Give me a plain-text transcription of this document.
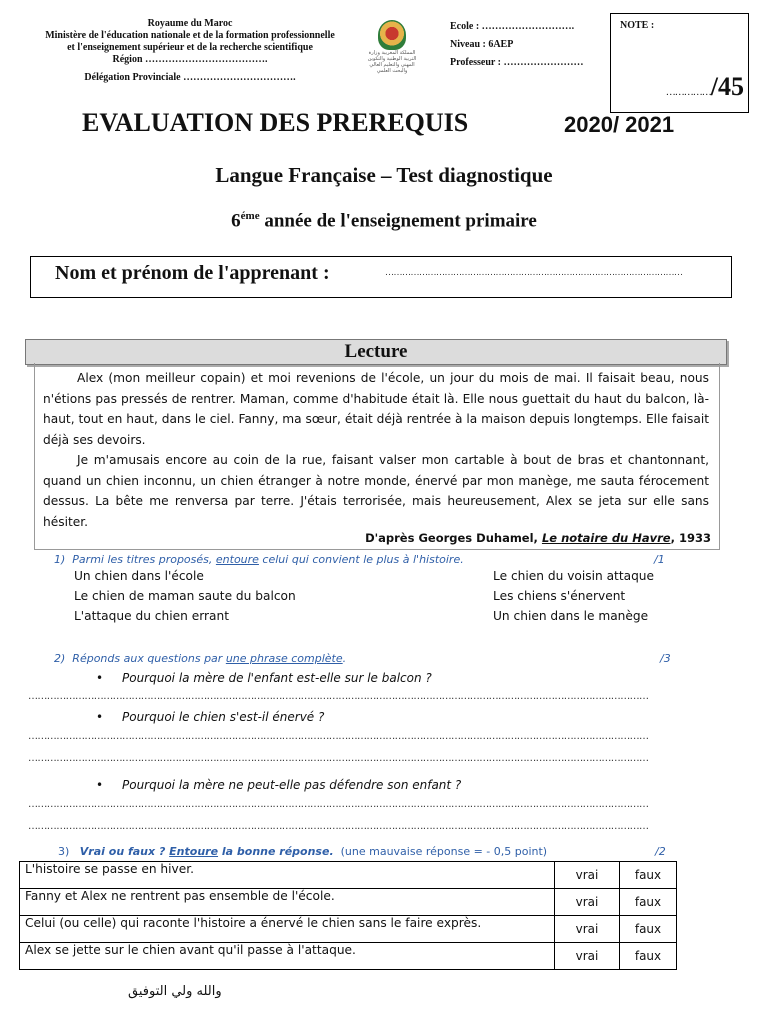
Royaume du Maroc
Ministère de l'éducation nationale et de la formation professionnelle
et l'enseignement supérieur et de la recherche scientifique
Région ……………………………….
Délégation Provinciale …………………………….
المملكة المغربية وزارة التربية الوطنية والتكوين المهني والتعليم العالي والبحث العلمي
Ecole : ……………………….
Niveau : 6AEP
Professeur : ……………………
NOTE :
……………/45
EVALUATION DES PREREQUIS	2020/ 2021
Langue Française – Test diagnostique
$6^{éme}$ année de l'enseignement primaire
Nom et prénom de l'apprenant :	……………………………………………………………………………………………
Lecture
Alex (mon meilleur copain) et moi revenions de l'école, un jour du mois de mai. Il faisait beau, nous n'étions pas pressés de rentrer. Maman, comme d'habitude était là. Elle nous guettait du haut du balcon, là-haut, tout en haut, dans le ciel. Fanny, ma sœur, était déjà rentrée à la maison depuis longtemps. Elle faisait déjà ses devoirs.
Je m'amusais encore au coin de la rue, faisant valser mon cartable à bout de bras et chantonnant, quand un chien inconnu, un chien étranger à notre monde, énervé par mon manège, me sauta férocement dessus. La bête me renversa par terre. J'étais terrorisée, mais heureusement, Alex se jeta sur elle sans hésiter.
D'après Georges Duhamel, Le notaire du Havre, 1933
1) Parmi les titres proposés, entoure celui qui convient le plus à l'histoire.	/1
Un chien dans l'école
Le chien de maman saute du balcon
L'attaque du chien errant
Le chien du voisin attaque
Les chiens s'énervent
Un chien dans le manège
2) Réponds aux questions par une phrase complète.	/3
• Pourquoi la mère de l'enfant est-elle sur le balcon ?
………………………………………………………………………………………………………………………………………………………………………………
• Pourquoi le chien s'est-il énervé ?
………………………………………………………………………………………………………………………………………………………………………………
………………………………………………………………………………………………………………………………………………………………………………
• Pourquoi la mère ne peut-elle pas défendre son enfant ?
………………………………………………………………………………………………………………………………………………………………………………
………………………………………………………………………………………………………………………………………………………………………………
3) Vrai ou faux ? Entoure la bonne réponse. (une mauvaise réponse = - 0,5 point)	/2
L'histoire se passe en hiver.	vrai	faux
Fanny et Alex ne rentrent pas ensemble de l'école.	vrai	faux
Celui (ou celle) qui raconte l'histoire a énervé le chien sans le faire exprès.	vrai	faux
Alex se jette sur le chien avant qu'il passe à l'attaque.	vrai	faux
والله ولي التوفيق
